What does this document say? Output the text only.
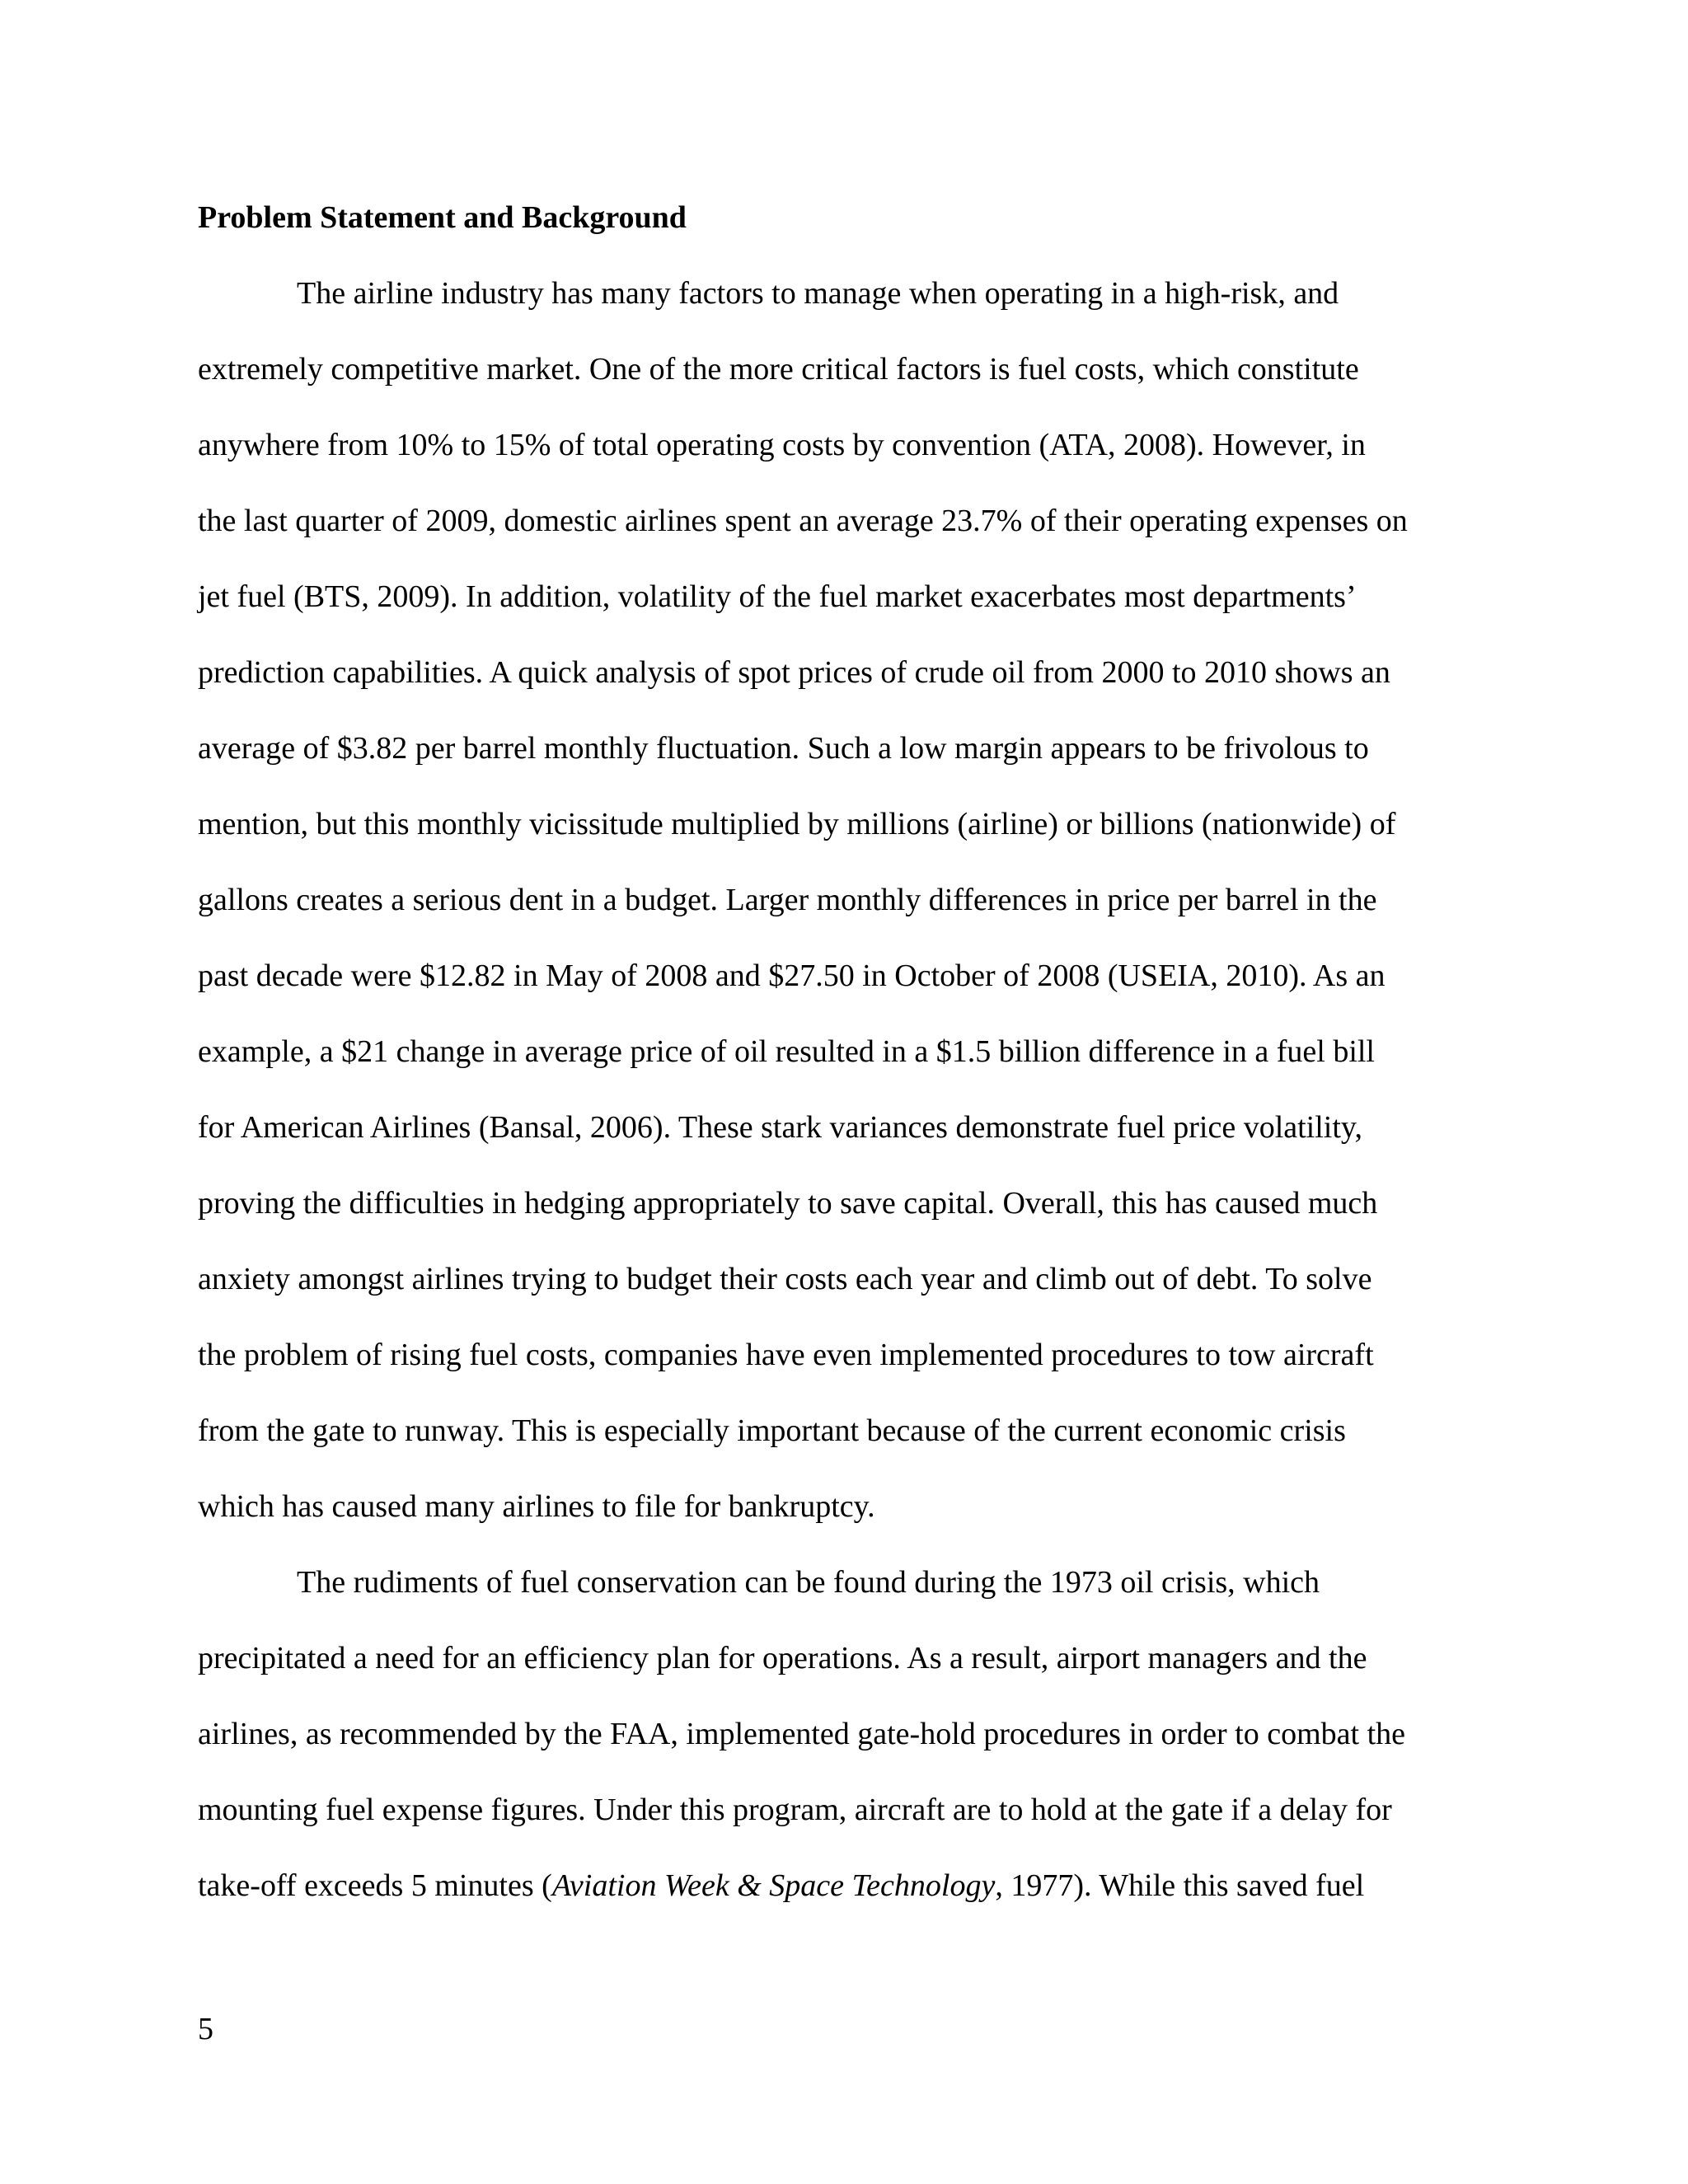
Problem Statement and Background
The airline industry has many factors to manage when operating in a high-risk, and
extremely competitive market. One of the more critical factors is fuel costs, which constitute
anywhere from 10% to 15% of total operating costs by convention (ATA, 2008). However, in
the last quarter of 2009, domestic airlines spent an average 23.7% of their operating expenses on
jet fuel (BTS, 2009). In addition, volatility of the fuel market exacerbates most departments’
prediction capabilities. A quick analysis of spot prices of crude oil from 2000 to 2010 shows an
average of $3.82 per barrel monthly fluctuation. Such a low margin appears to be frivolous to
mention, but this monthly vicissitude multiplied by millions (airline) or billions (nationwide) of
gallons creates a serious dent in a budget. Larger monthly differences in price per barrel in the
past decade were $12.82 in May of 2008 and $27.50 in October of 2008 (USEIA, 2010). As an
example, a $21 change in average price of oil resulted in a $1.5 billion difference in a fuel bill
for American Airlines (Bansal, 2006). These stark variances demonstrate fuel price volatility,
proving the difficulties in hedging appropriately to save capital. Overall, this has caused much
anxiety amongst airlines trying to budget their costs each year and climb out of debt. To solve
the problem of rising fuel costs, companies have even implemented procedures to tow aircraft
from the gate to runway. This is especially important because of the current economic crisis
which has caused many airlines to file for bankruptcy.
The rudiments of fuel conservation can be found during the 1973 oil crisis, which
precipitated a need for an efficiency plan for operations. As a result, airport managers and the
airlines, as recommended by the FAA, implemented gate-hold procedures in order to combat the
mounting fuel expense figures. Under this program, aircraft are to hold at the gate if a delay for
take-off exceeds 5 minutes (Aviation Week & Space Technology, 1977). While this saved fuel
5
